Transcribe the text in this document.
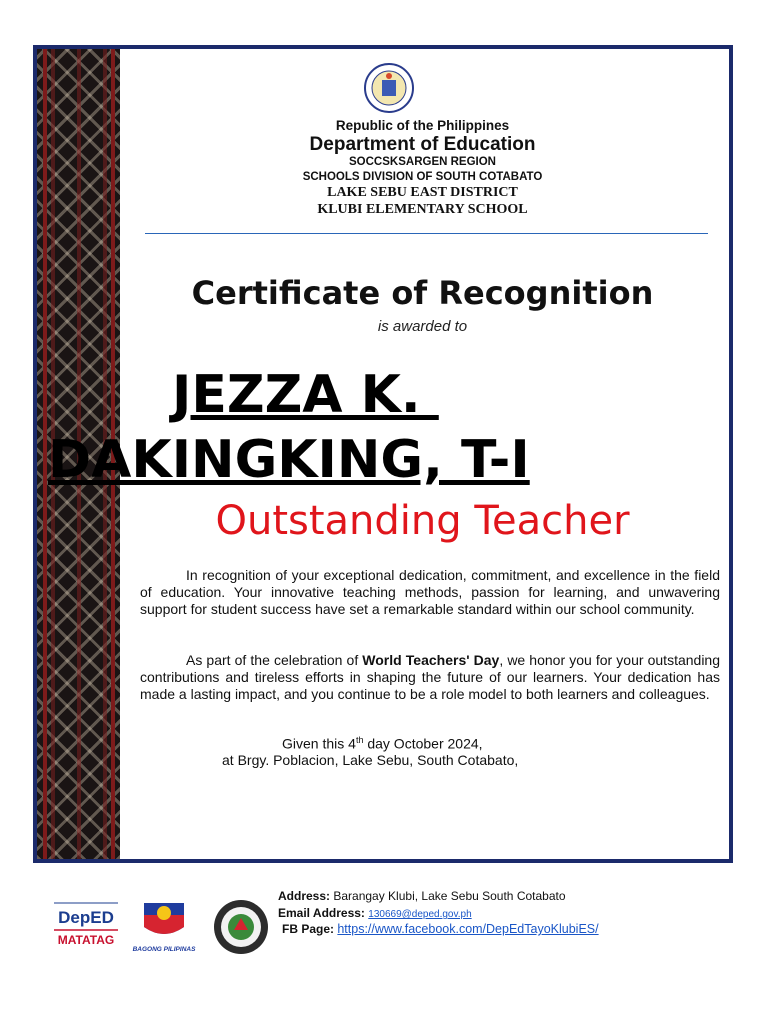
Republic of the Philippines
Department of Education
SOCCSKSARGEN REGION
SCHOOLS DIVISION OF SOUTH COTABATO
LAKE SEBU EAST DISTRICT
KLUBI ELEMENTARY SCHOOL
Certificate of Recognition
is awarded to
JEZZA K.
DAKINGKING, T-I
Outstanding Teacher
In recognition of your exceptional dedication, commitment, and excellence in the field of education. Your innovative teaching methods, passion for learning, and unwavering support for student success have set a remarkable standard within our school community.
As part of the celebration of World Teachers' Day, we honor you for your outstanding contributions and tireless efforts in shaping the future of our learners. Your dedication has made a lasting impact, and you continue to be a role model to both learners and colleagues.
Given this 4th day October 2024,
at Brgy. Poblacion, Lake Sebu, South Cotabato,
DepED
MATATAG
BAGONG PILIPINAS
Address: Barangay Klubi, Lake Sebu South Cotabato
Email Address: 130669@deped.gov.ph
FB Page: https://www.facebook.com/DepEdTayoKlubiES/
